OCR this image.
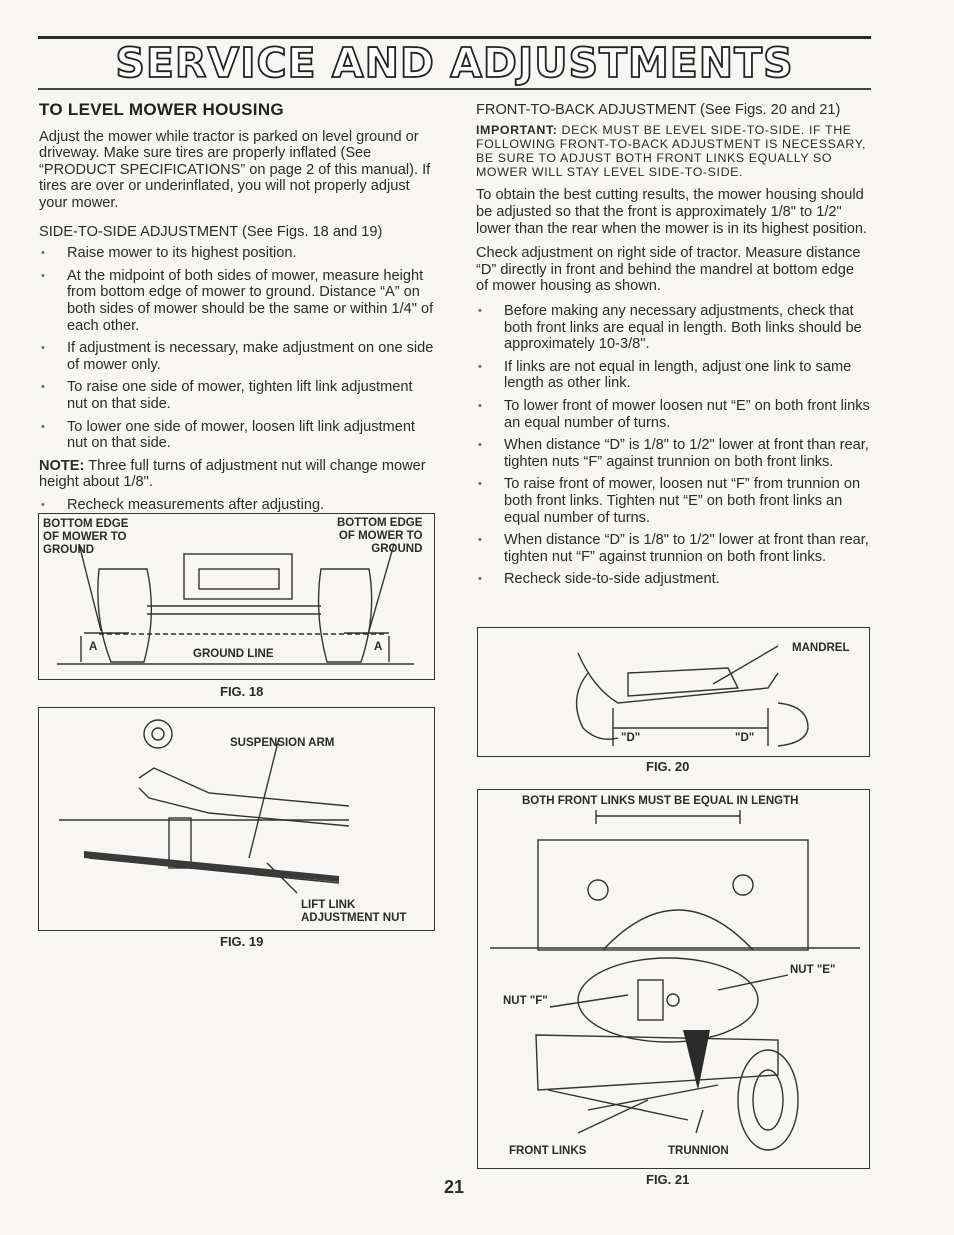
SERVICE AND ADJUSTMENTS
TO LEVEL MOWER HOUSING

Adjust the mower while tractor is parked on level ground or driveway. Make sure tires are properly inflated (See “PRODUCT SPECIFICATIONS” on page 2 of this manual). If tires are over or underinflated, you will not properly adjust your mower.

SIDE-TO-SIDE ADJUSTMENT (See Figs. 18 and 19)

• Raise mower to its highest position.
• At the midpoint of both sides of mower, measure height from bottom edge of mower to ground. Distance “A” on both sides of mower should be the same or within 1/4" of each other.
• If adjustment is necessary, make adjustment on one side of mower only.
• To raise one side of mower, tighten lift link adjustment nut on that side.
• To lower one side of mower, loosen lift link adjustment nut on that side.

NOTE: Three full turns of adjustment nut will change mower height about 1/8".

• Recheck measurements after adjusting.

FRONT-TO-BACK ADJUSTMENT (See Figs. 20 and 21)

IMPORTANT: DECK MUST BE LEVEL SIDE-TO-SIDE. IF THE FOLLOWING FRONT-TO-BACK ADJUSTMENT IS NECESSARY, BE SURE TO ADJUST BOTH FRONT LINKS EQUALLY SO MOWER WILL STAY LEVEL SIDE-TO-SIDE.

To obtain the best cutting results, the mower housing should be adjusted so that the front is approximately 1/8" to 1/2" lower than the rear when the mower is in its highest position.

Check adjustment on right side of tractor. Measure distance “D” directly in front and behind the mandrel at bottom edge of mower housing as shown.

• Before making any necessary adjustments, check that both front links are equal in length. Both links should be approximately 10-3/8".
• If links are not equal in length, adjust one link to same length as other link.
• To lower front of mower loosen nut “E” on both front links an equal number of turns.
• When distance “D” is 1/8" to 1/2" lower at front than rear, tighten nuts “F” against trunnion on both front links.
• To raise front of mower, loosen nut “F” from trunnion on both front links. Tighten nut “E” on both front links an equal number of turns.
• When distance “D” is 1/8" to 1/2" lower at front than rear, tighten nut “F” against trunnion on both front links.
• Recheck side-to-side adjustment.
BOTTOM EDGE
OF MOWER TO
GROUND
BOTTOM EDGE
OF MOWER TO
GROUND
GROUND LINE
A	A
FIG. 18
SUSPENSION ARM
LIFT LINK
ADJUSTMENT NUT
FIG. 19
MANDREL
"D"	"D"
FIG. 20
BOTH FRONT LINKS MUST BE EQUAL IN LENGTH
NUT "E"
NUT "F"
FRONT LINKS	TRUNNION
FIG. 21
21
